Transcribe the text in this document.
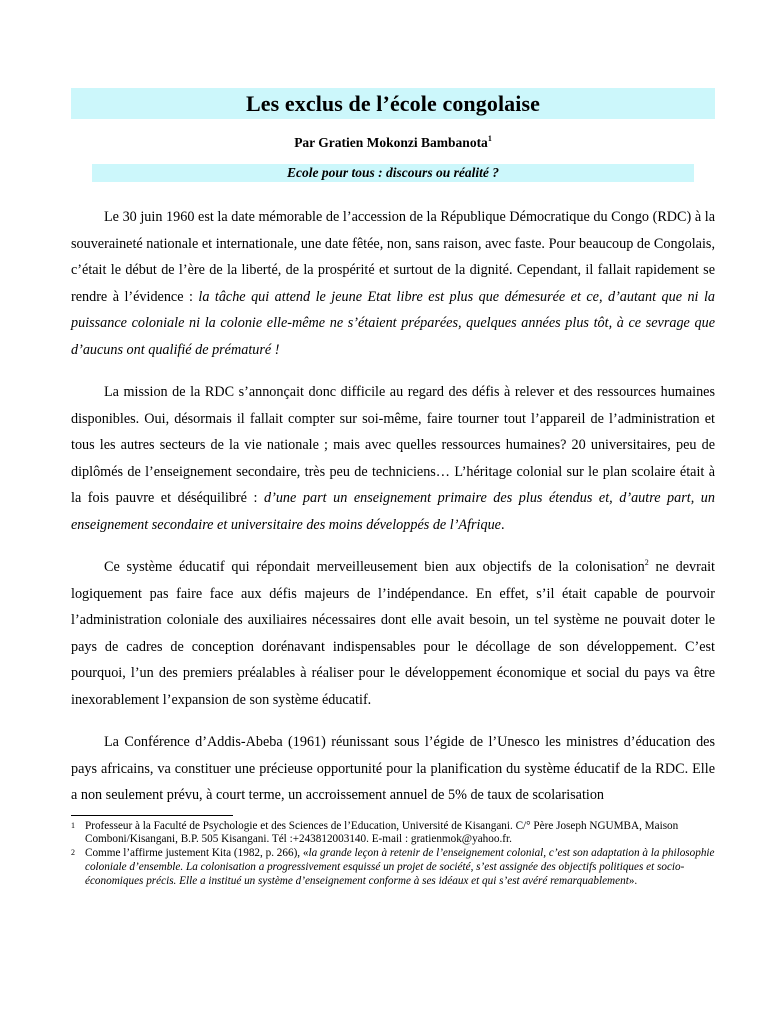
Les exclus de l’école congolaise
Par Gratien Mokonzi Bambanota$^1$
Ecole pour tous : discours ou réalité ?

Le 30 juin 1960 est la date mémorable de l’accession de la République Démocratique du Congo (RDC) à la souveraineté nationale et internationale, une date fêtée, non, sans raison, avec faste. Pour beaucoup de Congolais, c’était le début de l’ère de la liberté, de la prospérité et surtout de la dignité. Cependant, il fallait rapidement se rendre à l’évidence : la tâche qui attend le jeune Etat libre est plus que démesurée et ce, d’autant que ni la puissance coloniale ni la colonie elle-même ne s’étaient préparées, quelques années plus tôt, à ce sevrage que d’aucuns ont qualifié de prématuré !

La mission de la RDC s’annonçait donc difficile au regard des défis à relever et des ressources humaines disponibles. Oui, désormais il fallait compter sur soi-même, faire tourner tout l’appareil de l’administration et tous les autres secteurs de la vie nationale ; mais avec quelles ressources humaines? 20 universitaires, peu de diplômés de l’enseignement secondaire, très peu de techniciens… L’héritage colonial sur le plan scolaire était à la fois pauvre et déséquilibré : d’une part un enseignement primaire des plus étendus et, d’autre part, un enseignement secondaire et universitaire des moins développés de l’Afrique.

Ce système éducatif qui répondait merveilleusement bien aux objectifs de la colonisation$^2$ ne devrait logiquement pas faire face aux défis majeurs de l’indépendance. En effet, s’il était capable de pourvoir l’administration coloniale des auxiliaires nécessaires dont elle avait besoin, un tel système ne pouvait doter le pays de cadres de conception dorénavant indispensables pour le décollage de son développement. C’est pourquoi, l’un des premiers préalables à réaliser pour le développement économique et social du pays va être inexorablement l’expansion de son système éducatif.

La Conférence d’Addis-Abeba (1961) réunissant sous l’égide de l’Unesco les ministres d’éducation des pays africains, va constituer une précieuse opportunité pour la planification du système éducatif de la RDC. Elle a non seulement prévu, à court terme, un accroissement annuel de 5% de taux de scolarisation

1 Professeur à la Faculté de Psychologie et des Sciences de l’Education, Université de Kisangani. C/° Père Joseph NGUMBA, Maison Comboni/Kisangani, B.P. 505 Kisangani. Tél :+243812003140. E-mail : gratienmok@yahoo.fr.
2 Comme l’affirme justement Kita (1982, p. 266), «la grande leçon à retenir de l’enseignement colonial, c’est son adaptation à la philosophie coloniale d’ensemble. La colonisation a progressivement esquissé un projet de société, s’est assignée des objectifs politiques et socio-économiques précis. Elle a institué un système d’enseignement conforme à ses idéaux et qui s’est avéré remarquablement».
